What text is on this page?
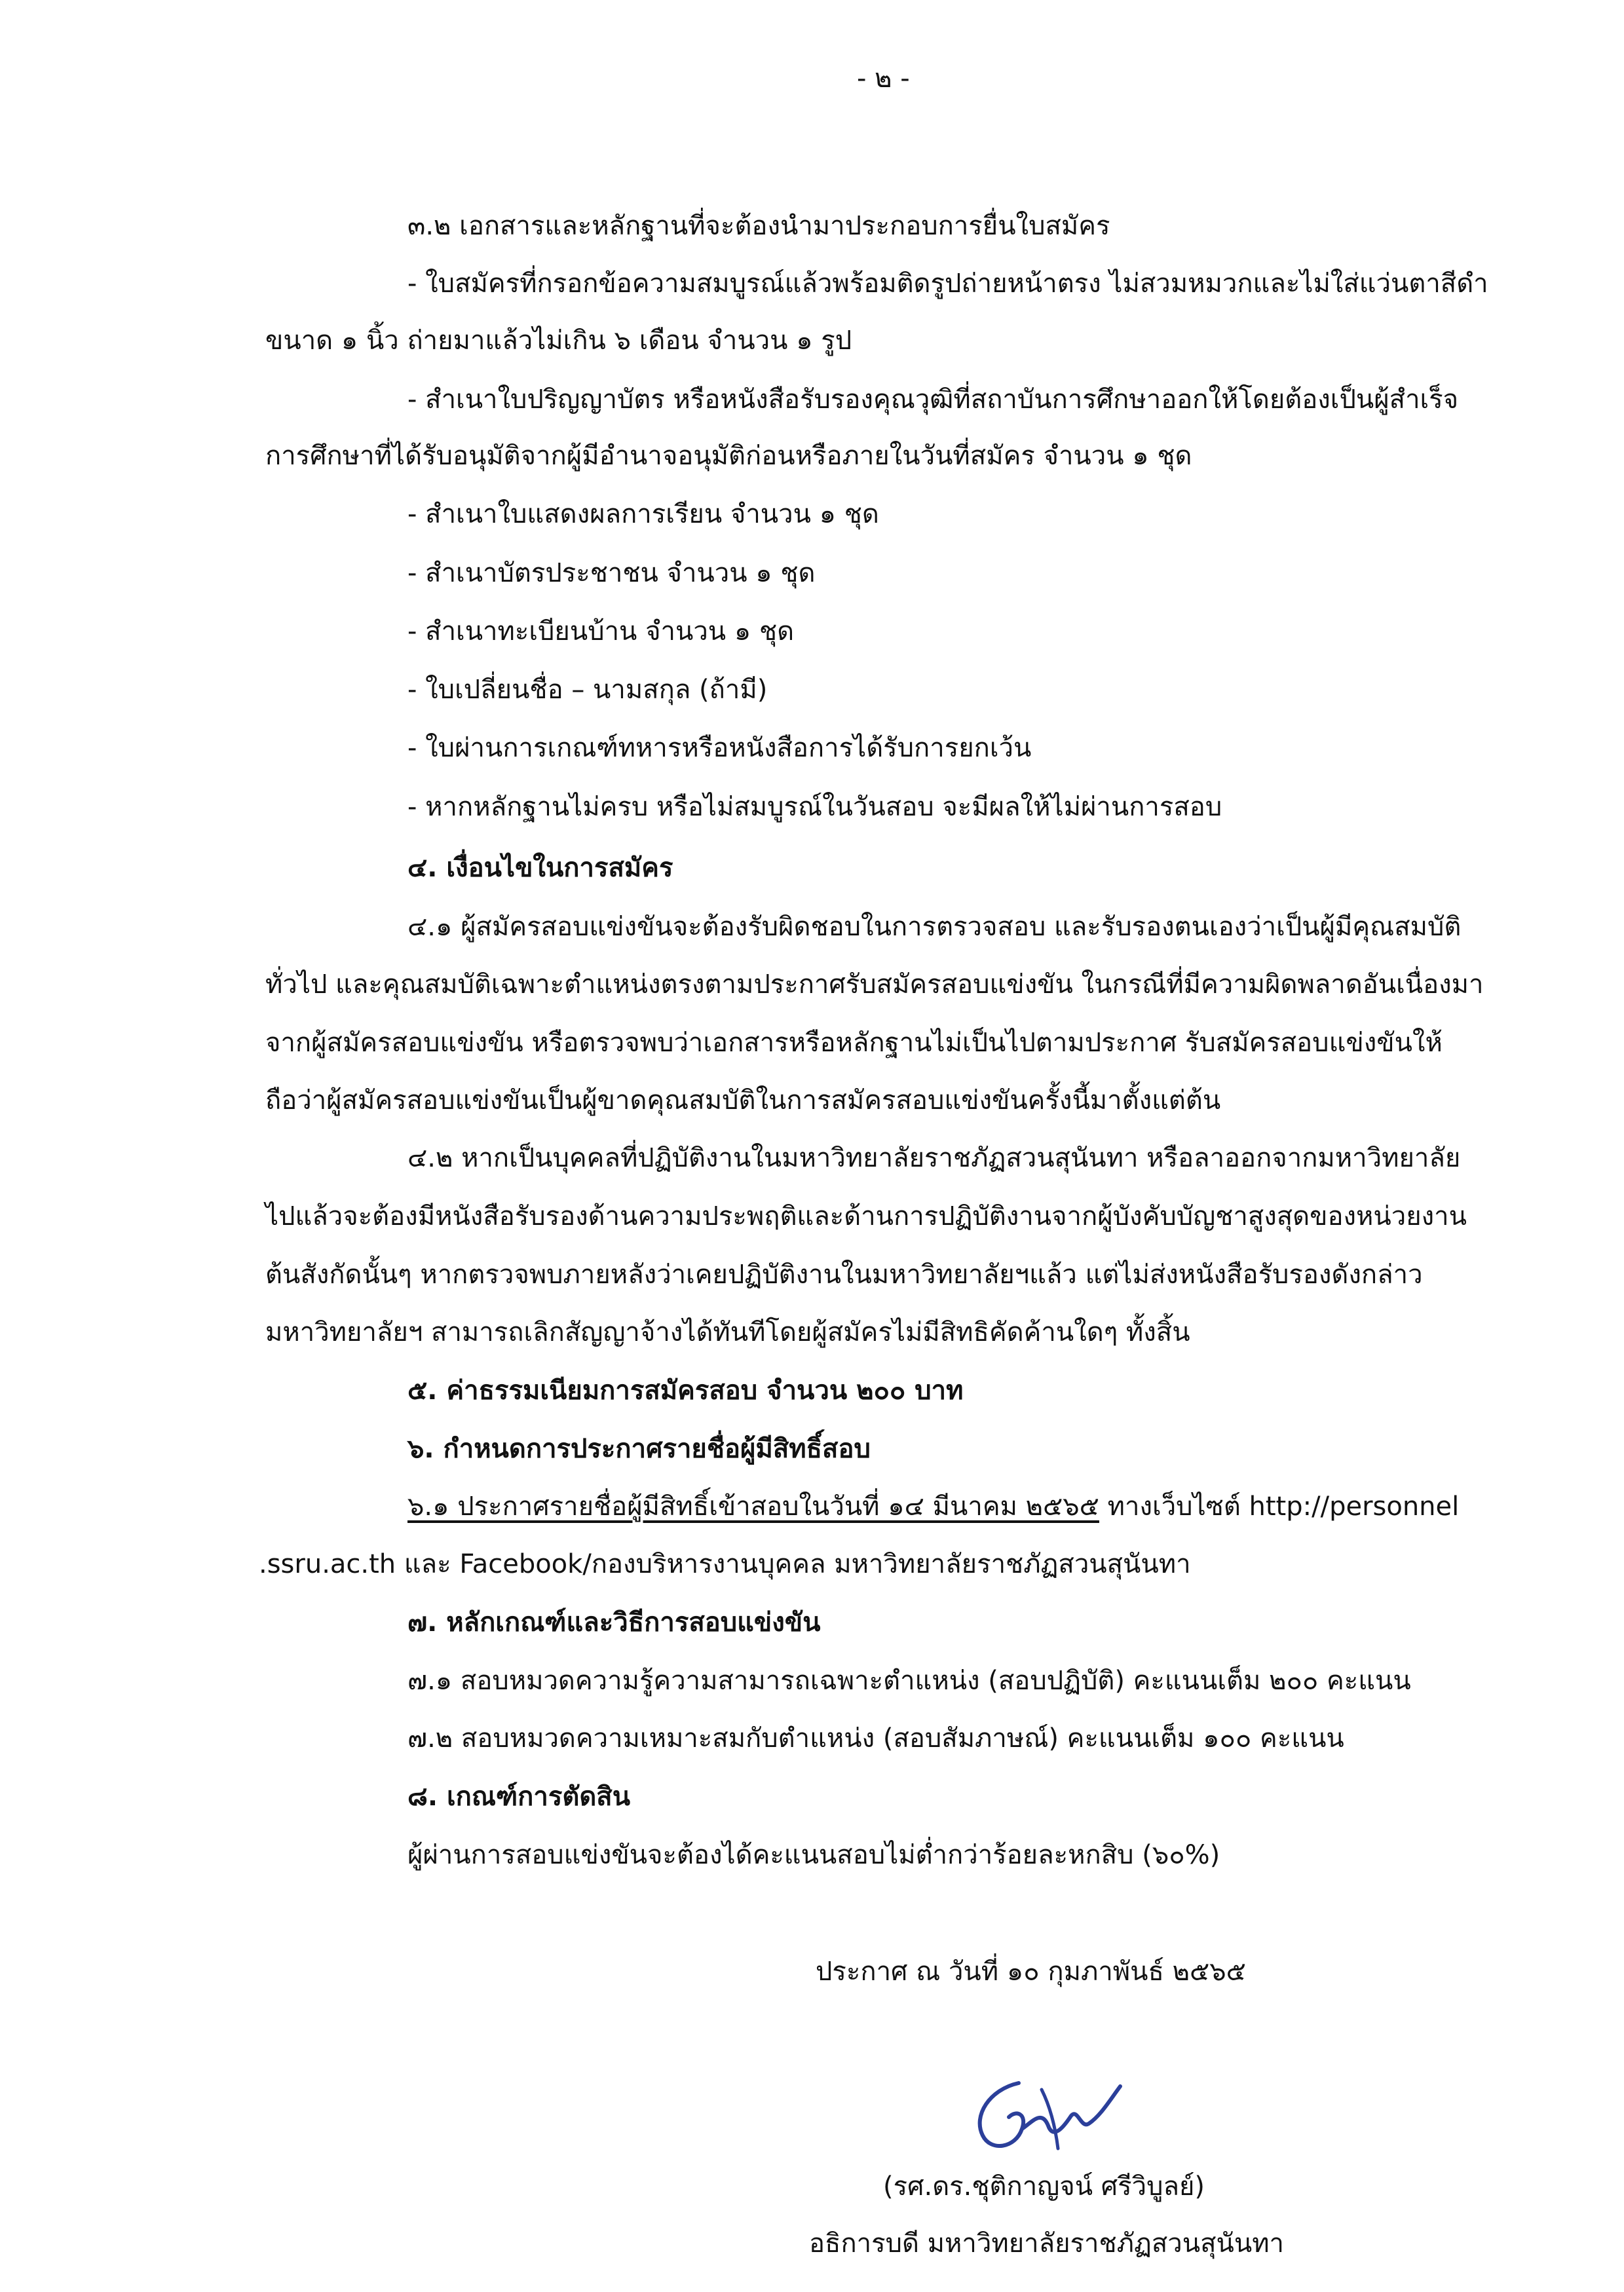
- ๒ -
๓.๒ เอกสารและหลักฐานที่จะต้องนำมาประกอบการยื่นใบสมัคร
- ใบสมัครที่กรอกข้อความสมบูรณ์แล้วพร้อมติดรูปถ่ายหน้าตรง ไม่สวมหมวกและไม่ใส่แว่นตาสีดำ
ขนาด ๑ นิ้ว ถ่ายมาแล้วไม่เกิน ๖ เดือน จำนวน ๑ รูป
- สำเนาใบปริญญาบัตร หรือหนังสือรับรองคุณวุฒิที่สถาบันการศึกษาออกให้โดยต้องเป็นผู้สำเร็จ
การศึกษาที่ได้รับอนุมัติจากผู้มีอำนาจอนุมัติก่อนหรือภายในวันที่สมัคร จำนวน ๑ ชุด
- สำเนาใบแสดงผลการเรียน จำนวน ๑ ชุด
- สำเนาบัตรประชาชน จำนวน ๑ ชุด
- สำเนาทะเบียนบ้าน จำนวน ๑ ชุด
- ใบเปลี่ยนชื่อ – นามสกุล (ถ้ามี)
- ใบผ่านการเกณฑ์ทหารหรือหนังสือการได้รับการยกเว้น
- หากหลักฐานไม่ครบ หรือไม่สมบูรณ์ในวันสอบ จะมีผลให้ไม่ผ่านการสอบ
๔. เงื่อนไขในการสมัคร
๔.๑ ผู้สมัครสอบแข่งขันจะต้องรับผิดชอบในการตรวจสอบ และรับรองตนเองว่าเป็นผู้มีคุณสมบัติ
ทั่วไป และคุณสมบัติเฉพาะตำแหน่งตรงตามประกาศรับสมัครสอบแข่งขัน ในกรณีที่มีความผิดพลาดอันเนื่องมา
จากผู้สมัครสอบแข่งขัน หรือตรวจพบว่าเอกสารหรือหลักฐานไม่เป็นไปตามประกาศ รับสมัครสอบแข่งขันให้
ถือว่าผู้สมัครสอบแข่งขันเป็นผู้ขาดคุณสมบัติในการสมัครสอบแข่งขันครั้งนี้มาตั้งแต่ต้น
๔.๒ หากเป็นบุคคลที่ปฏิบัติงานในมหาวิทยาลัยราชภัฏสวนสุนันทา หรือลาออกจากมหาวิทยาลัย
ไปแล้วจะต้องมีหนังสือรับรองด้านความประพฤติและด้านการปฏิบัติงานจากผู้บังคับบัญชาสูงสุดของหน่วยงาน
ต้นสังกัดนั้นๆ หากตรวจพบภายหลังว่าเคยปฏิบัติงานในมหาวิทยาลัยฯแล้ว แต่ไม่ส่งหนังสือรับรองดังกล่าว
มหาวิทยาลัยฯ สามารถเลิกสัญญาจ้างได้ทันทีโดยผู้สมัครไม่มีสิทธิคัดค้านใดๆ ทั้งสิ้น
๕. ค่าธรรมเนียมการสมัครสอบ จำนวน ๒๐๐ บาท
๖. กำหนดการประกาศรายชื่อผู้มีสิทธิ์สอบ
๖.๑ ประกาศรายชื่อผู้มีสิทธิ์เข้าสอบในวันที่ ๑๔ มีนาคม ๒๕๖๕ ทางเว็บไซต์ http://personnel
.ssru.ac.th และ Facebook/กองบริหารงานบุคคล มหาวิทยาลัยราชภัฏสวนสุนันทา
๗. หลักเกณฑ์และวิธีการสอบแข่งขัน
๗.๑ สอบหมวดความรู้ความสามารถเฉพาะตำแหน่ง (สอบปฏิบัติ) คะแนนเต็ม ๒๐๐ คะแนน
๗.๒ สอบหมวดความเหมาะสมกับตำแหน่ง (สอบสัมภาษณ์) คะแนนเต็ม ๑๐๐ คะแนน
๘. เกณฑ์การตัดสิน
ผู้ผ่านการสอบแข่งขันจะต้องได้คะแนนสอบไม่ต่ำกว่าร้อยละหกสิบ (๖๐%)
ประกาศ ณ วันที่ ๑๐ กุมภาพันธ์ ๒๕๖๕
(รศ.ดร.ชุติกาญจน์ ศรีวิบูลย์)
อธิการบดี มหาวิทยาลัยราชภัฏสวนสุนันทา
